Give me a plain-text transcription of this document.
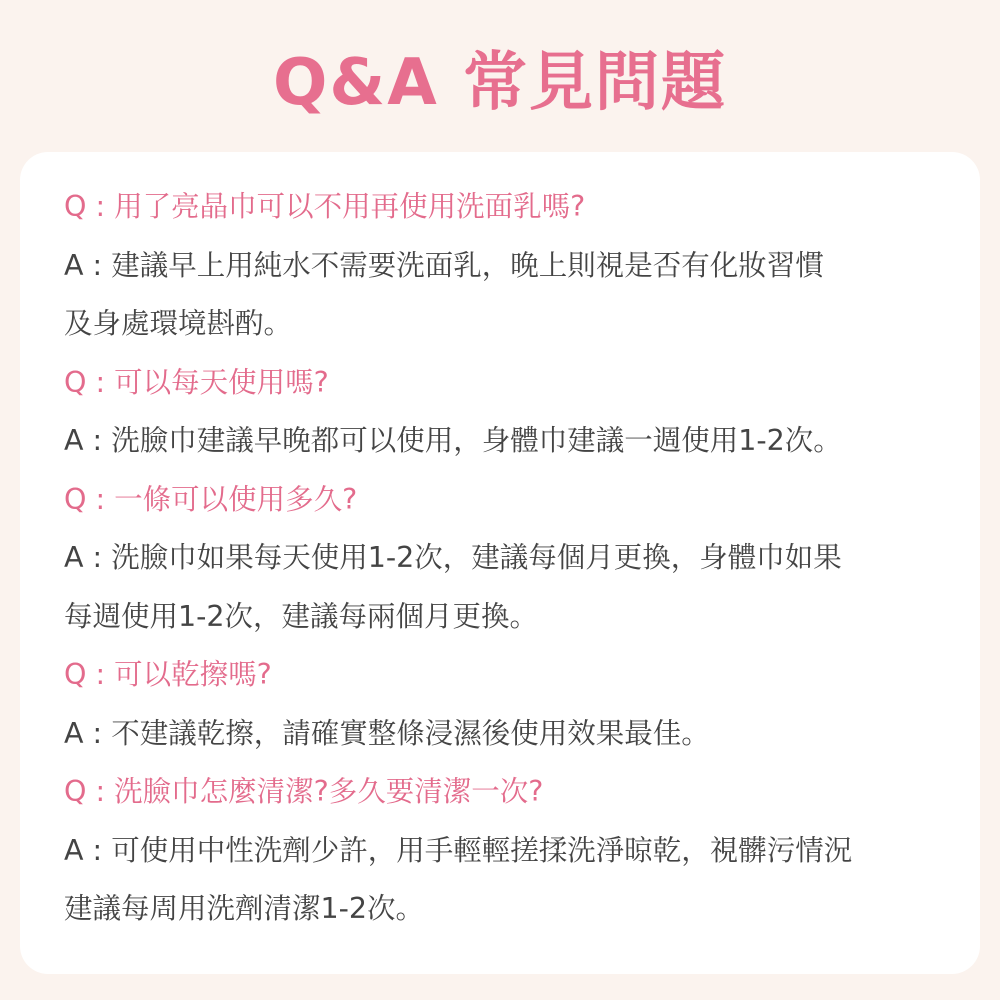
Q&A 常見問題
Q : 用了亮晶巾可以不用再使用洗面乳嗎?
A : 建議早上用純水不需要洗面乳，晚上則視是否有化妝習慣
及身處環境斟酌。
Q : 可以每天使用嗎?
A : 洗臉巾建議早晚都可以使用，身體巾建議一週使用1-2次。
Q : 一條可以使用多久?
A : 洗臉巾如果每天使用1-2次，建議每個月更換，身體巾如果
每週使用1-2次，建議每兩個月更換。
Q : 可以乾擦嗎?
A : 不建議乾擦，請確實整條浸濕後使用效果最佳。
Q : 洗臉巾怎麼清潔?多久要清潔一次?
A : 可使用中性洗劑少許，用手輕輕搓揉洗淨晾乾，視髒污情況
建議每周用洗劑清潔1-2次。
